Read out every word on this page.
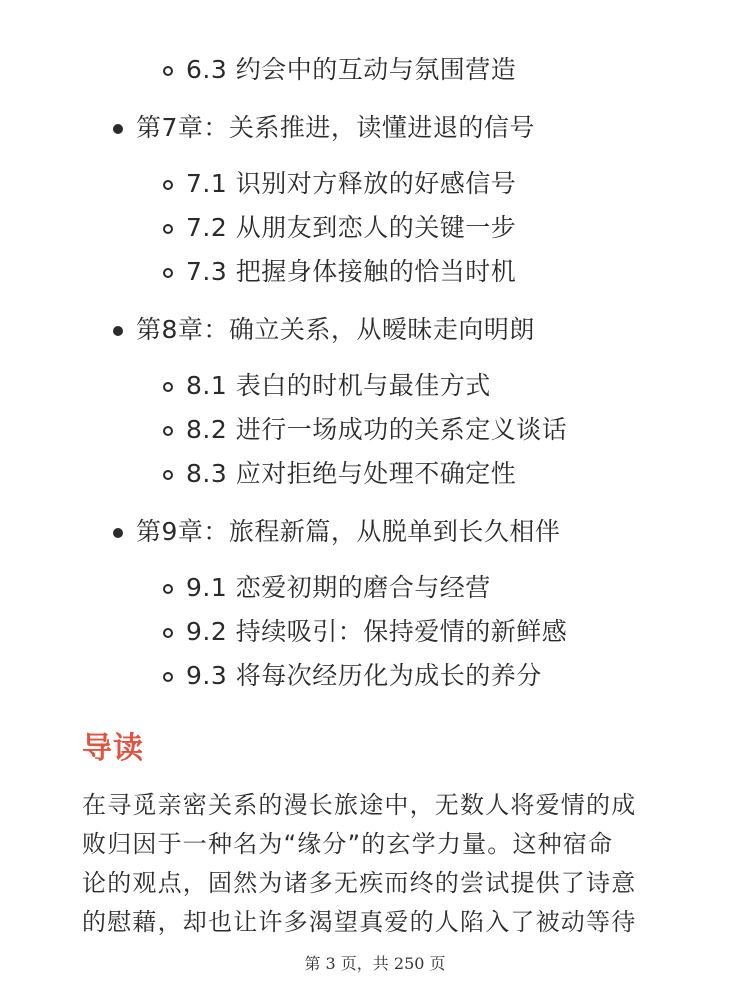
6.3 约会中的互动与氛围营造
第7章：关系推进，读懂进退的信号
7.1 识别对方释放的好感信号
7.2 从朋友到恋人的关键一步
7.3 把握身体接触的恰当时机
第8章：确立关系，从暧昧走向明朗
8.1 表白的时机与最佳方式
8.2 进行一场成功的关系定义谈话
8.3 应对拒绝与处理不确定性
第9章：旅程新篇，从脱单到长久相伴
9.1 恋爱初期的磨合与经营
9.2 持续吸引：保持爱情的新鲜感
9.3 将每次经历化为成长的养分
导读

在寻觅亲密关系的漫长旅途中，无数人将爱情的成
败归因于一种名为“缘分”的玄学力量。这种宿命
论的观点，固然为诸多无疾而终的尝试提供了诗意
的慰藉，却也让许多渴望真爱的人陷入了被动等待

第 3 页，共 250 页
